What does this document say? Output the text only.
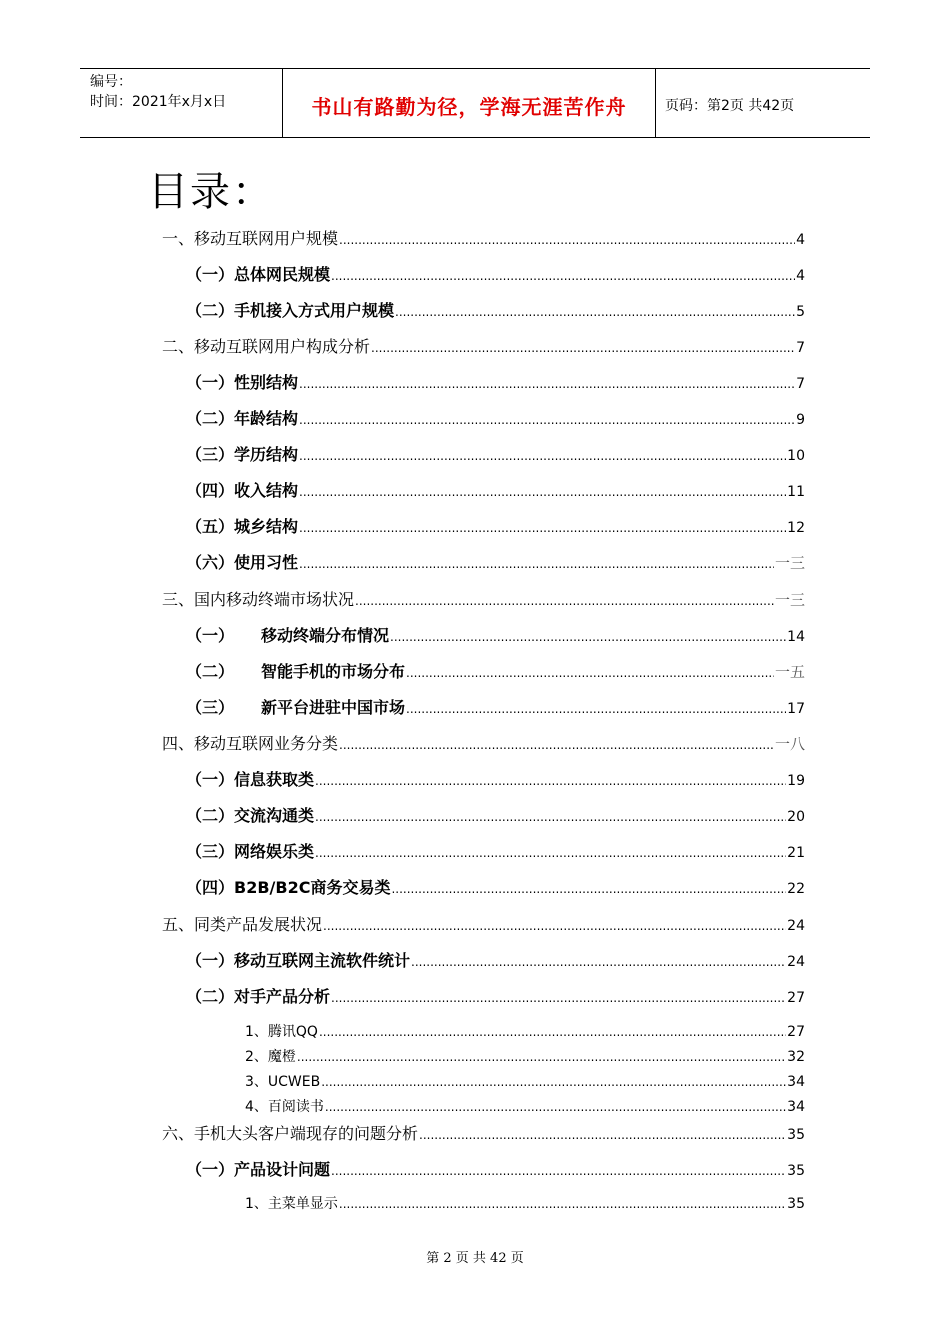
编号：
时间：2021年x月x日	书山有路勤为径，学海无涯苦作舟	页码：第2页 共42页
目录：
一、移动互联网用户规模 .....	4
（一）总体网民规模 .....	4
（二）手机接入方式用户规模 .....	5
二、移动互联网用户构成分析 .....	7
（一）性别结构 .....	7
（二）年龄结构 .....	9
（三）学历结构 .....	10
（四）收入结构 .....	11
（五）城乡结构 .....	12
（六）使用习性 .....	一三
三、国内移动终端市场状况 .....	一三
（一） 移动终端分布情况 .....	14
（二） 智能手机的市场分布 .....	一五
（三） 新平台进驻中国市场 .....	17
四、移动互联网业务分类 .....	一八
（一）信息获取类 .....	19
（二）交流沟通类 .....	20
（三）网络娱乐类 .....	21
（四）B2B/B2C商务交易类 .....	22
五、同类产品发展状况 .....	24
（一）移动互联网主流软件统计 .....	24
（二）对手产品分析 .....	27
1、腾讯QQ .....	27
2、魔橙 .....	32
3、UCWEB .....	34
4、百阅读书 .....	34
六、手机大头客户端现存的问题分析 .....	35
（一）产品设计问题 .....	35
1、主菜单显示 .....	35
第 2 页 共 42 页
